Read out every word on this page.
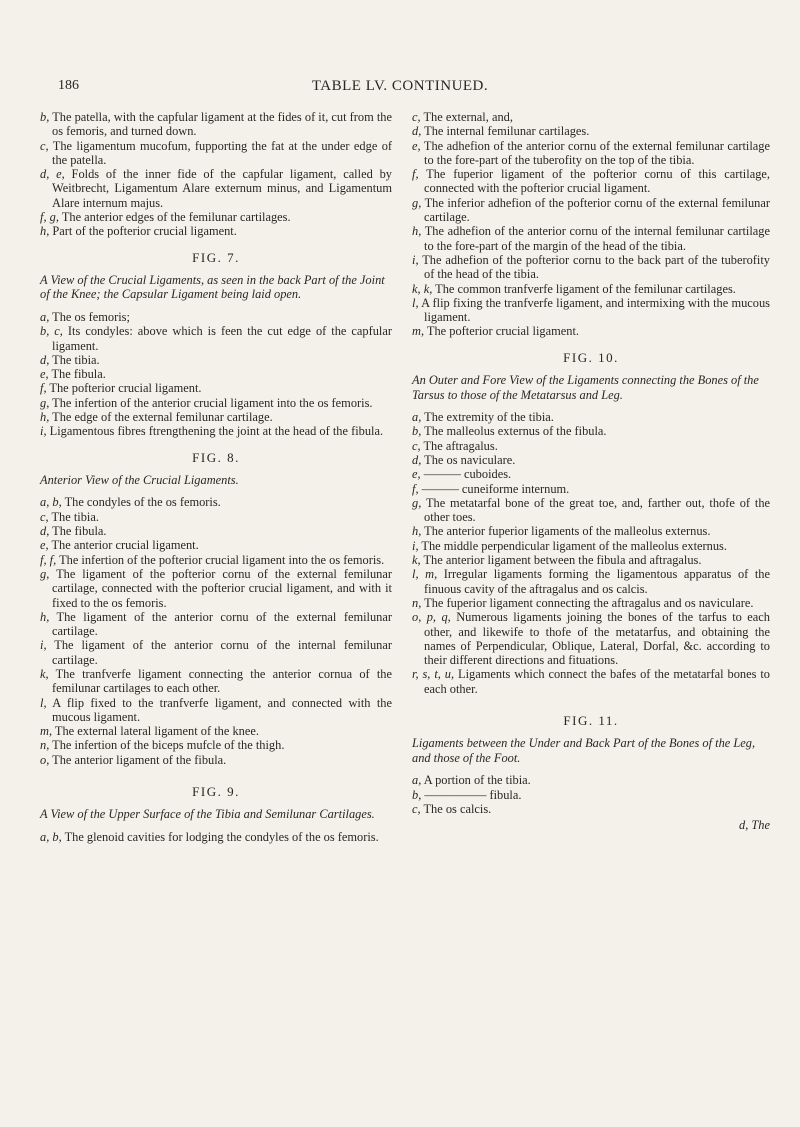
186	TABLE LV. CONTINUED.

b, The patella, with the capfular ligament at the fides of it, cut from the os femoris, and turned down.

c, The ligamentum mucofum, fupporting the fat at the under edge of the patella.

d, e, Folds of the inner fide of the capfular ligament, called by Weitbrecht, Ligamentum Alare externum minus, and Ligamentum Alare internum majus.

f, g, The anterior edges of the femilunar cartilages.

h, Part of the pofterior crucial ligament.

FIG. 7.

A View of the Crucial Ligaments, as seen in the back Part of the Joint of the Knee; the Capsular Ligament being laid open.

a, The os femoris;

b, c, Its condyles: above which is feen the cut edge of the capfular ligament.

d, The tibia.

e, The fibula.

f, The pofterior crucial ligament.

g, The infertion of the anterior crucial ligament into the os femoris.

h, The edge of the external femilunar cartilage.

i, Ligamentous fibres ftrengthening the joint at the head of the fibula.

FIG. 8.

Anterior View of the Crucial Ligaments.

a, b, The condyles of the os femoris.

c, The tibia.

d, The fibula.

e, The anterior crucial ligament.

f, f, The infertion of the pofterior crucial ligament into the os femoris.

g, The ligament of the pofterior cornu of the external femilunar cartilage, connected with the pofterior crucial ligament, and with it fixed to the os femoris.

h, The ligament of the anterior cornu of the external femilunar cartilage.

i, The ligament of the anterior cornu of the internal femilunar cartilage.

k, The tranfverfe ligament connecting the anterior cornua of the femilunar cartilages to each other.

l, A flip fixed to the tranfverfe ligament, and connected with the mucous ligament.

m, The external lateral ligament of the knee.

n, The infertion of the biceps mufcle of the thigh.

o, The anterior ligament of the fibula.

FIG. 9.

A View of the Upper Surface of the Tibia and Semilunar Cartilages.

a, b, The glenoid cavities for lodging the condyles of the os femoris.

c, The external, and,

d, The internal femilunar cartilages.

e, The adhefion of the anterior cornu of the external femilunar cartilage to the fore-part of the tuberofity on the top of the tibia.

f, The fuperior ligament of the pofterior cornu of this cartilage, connected with the pofterior crucial ligament.

g, The inferior adhefion of the pofterior cornu of the external femilunar cartilage.

h, The adhefion of the anterior cornu of the internal femilunar cartilage to the fore-part of the margin of the head of the tibia.

i, The adhefion of the pofterior cornu to the back part of the tuberofity of the head of the tibia.

k, k, The common tranfverfe ligament of the femilunar cartilages.

l, A flip fixing the tranfverfe ligament, and intermixing with the mucous ligament.

m, The pofterior crucial ligament.

FIG. 10.

An Outer and Fore View of the Ligaments connecting the Bones of the Tarsus to those of the Metatarsus and Leg.

a, The extremity of the tibia.

b, The malleolus externus of the fibula.

c, The aftragalus.

d, The os naviculare.

e, ——— cuboides.

f, ——— cuneiforme internum.

g, The metatarfal bone of the great toe, and, farther out, thofe of the other toes.

h, The anterior fuperior ligaments of the malleolus externus.

i, The middle perpendicular ligament of the malleolus externus.

k, The anterior ligament between the fibula and aftragalus.

l, m, Irregular ligaments forming the ligamentous apparatus of the finuous cavity of the aftragalus and os calcis.

n, The fuperior ligament connecting the aftragalus and os naviculare.

o, p, q, Numerous ligaments joining the bones of the tarfus to each other, and likewife to thofe of the metatarfus, and obtaining the names of Perpendicular, Oblique, Lateral, Dorfal, &c. according to their different directions and fituations.

r, s, t, u, Ligaments which connect the bafes of the metatarfal bones to each other.

FIG. 11.

Ligaments between the Under and Back Part of the Bones of the Leg, and those of the Foot.

a, A portion of the tibia.

b, ————— fibula.

c, The os calcis.

d, The
